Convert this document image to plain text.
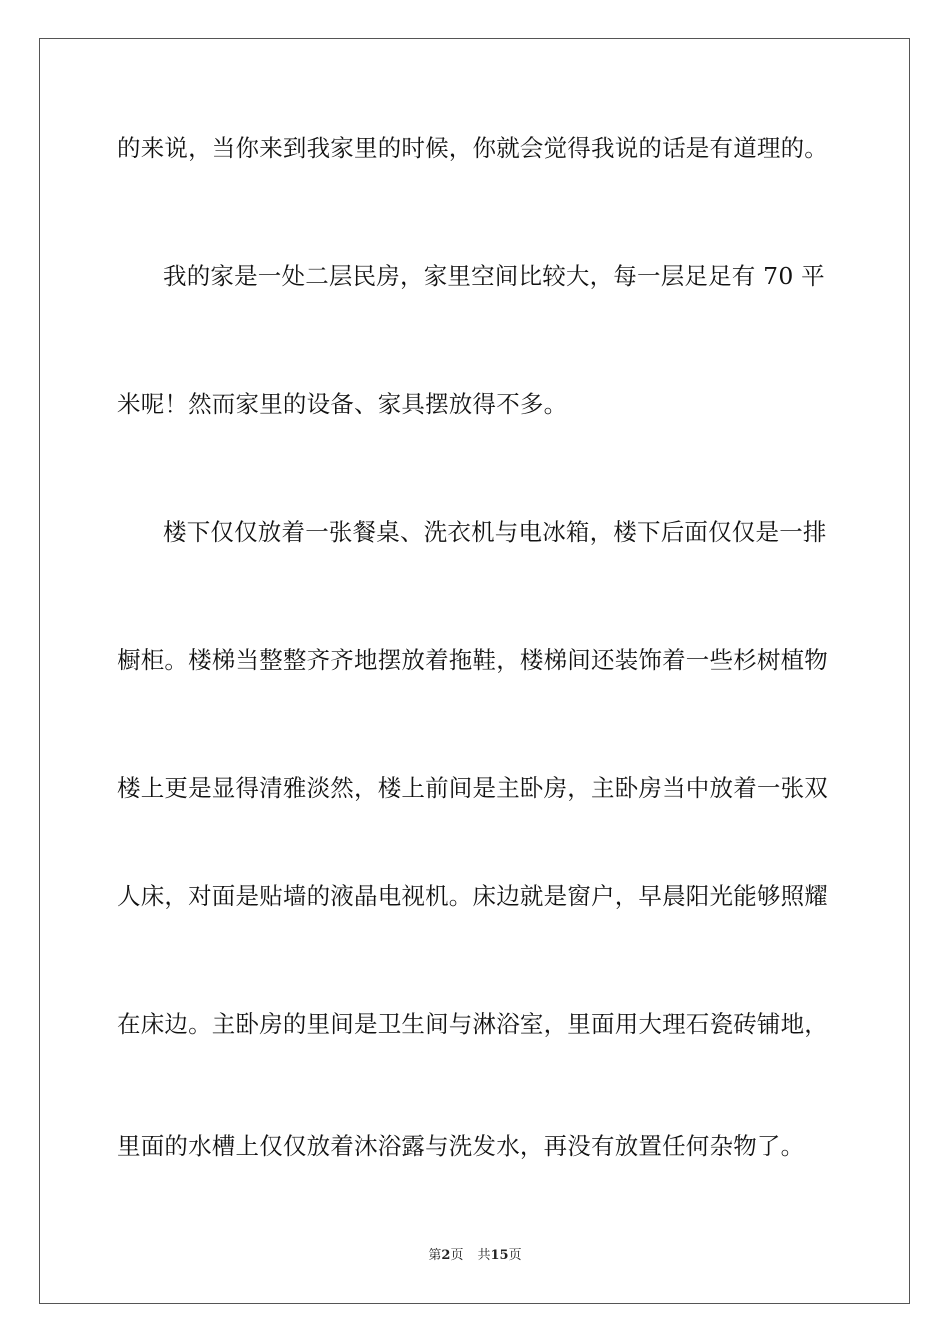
的来说，当你来到我家里的时候，你就会觉得我说的话是有道理的。
我的家是一处二层民房，家里空间比较大，每一层足足有 70 平
米呢！然而家里的设备、家具摆放得不多。
楼下仅仅放着一张餐桌、洗衣机与电冰箱，楼下后面仅仅是一排
橱柜。楼梯当整整齐齐地摆放着拖鞋，楼梯间还装饰着一些杉树植物
楼上更是显得清雅淡然，楼上前间是主卧房，主卧房当中放着一张双
人床，对面是贴墙的液晶电视机。床边就是窗户，早晨阳光能够照耀
在床边。主卧房的里间是卫生间与淋浴室，里面用大理石瓷砖铺地，
里面的水槽上仅仅放着沐浴露与洗发水，再没有放置任何杂物了。
第2页 共15页
